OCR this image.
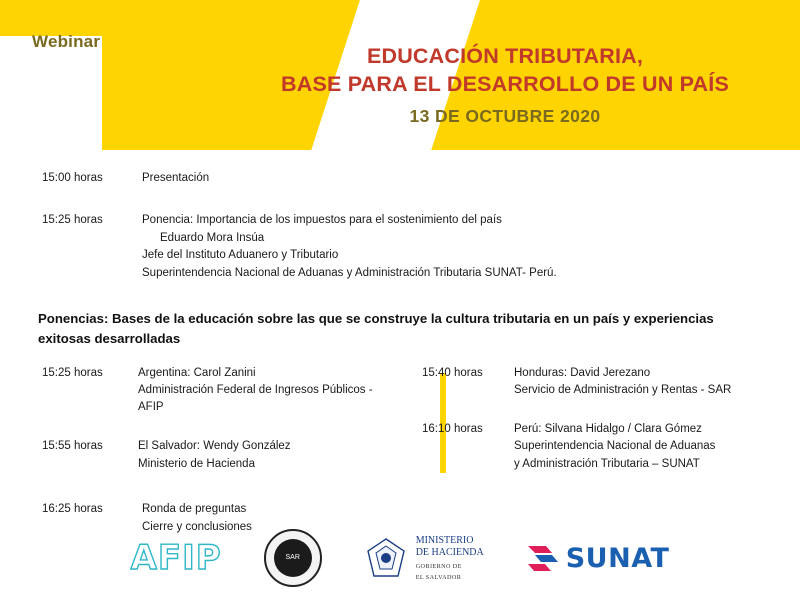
Webinar
EDUCACIÓN TRIBUTARIA,
BASE PARA EL DESARROLLO DE UN PAÍS
13 DE OCTUBRE 2020
15:00 horas	Presentación
15:25 horas	Ponencia: Importancia de los impuestos para el sostenimiento del país
Eduardo Mora Insúa
Jefe del Instituto Aduanero y Tributario
Superintendencia Nacional de Aduanas y Administración Tributaria SUNAT- Perú.
Ponencias: Bases de la educación sobre las que se construye la cultura tributaria en un país y experiencias exitosas desarrolladas
15:25 horas	Argentina: Carol Zanini
Administración Federal de Ingresos Públicos - AFIP
15:55 horas	El Salvador: Wendy González
Ministerio de Hacienda
15:40 horas	Honduras: David Jerezano
Servicio de Administración y Rentas - SAR
16:10 horas	Perú: Silvana Hidalgo / Clara Gómez
Superintendencia Nacional de Aduanas
y Administración Tributaria – SUNAT
16:25 horas	Ronda de preguntas
Cierre y conclusiones
AFIP	SAR
MINISTERIO
DE HACIENDA
GOBIERNO DE
EL SALVADOR
SUNAT
